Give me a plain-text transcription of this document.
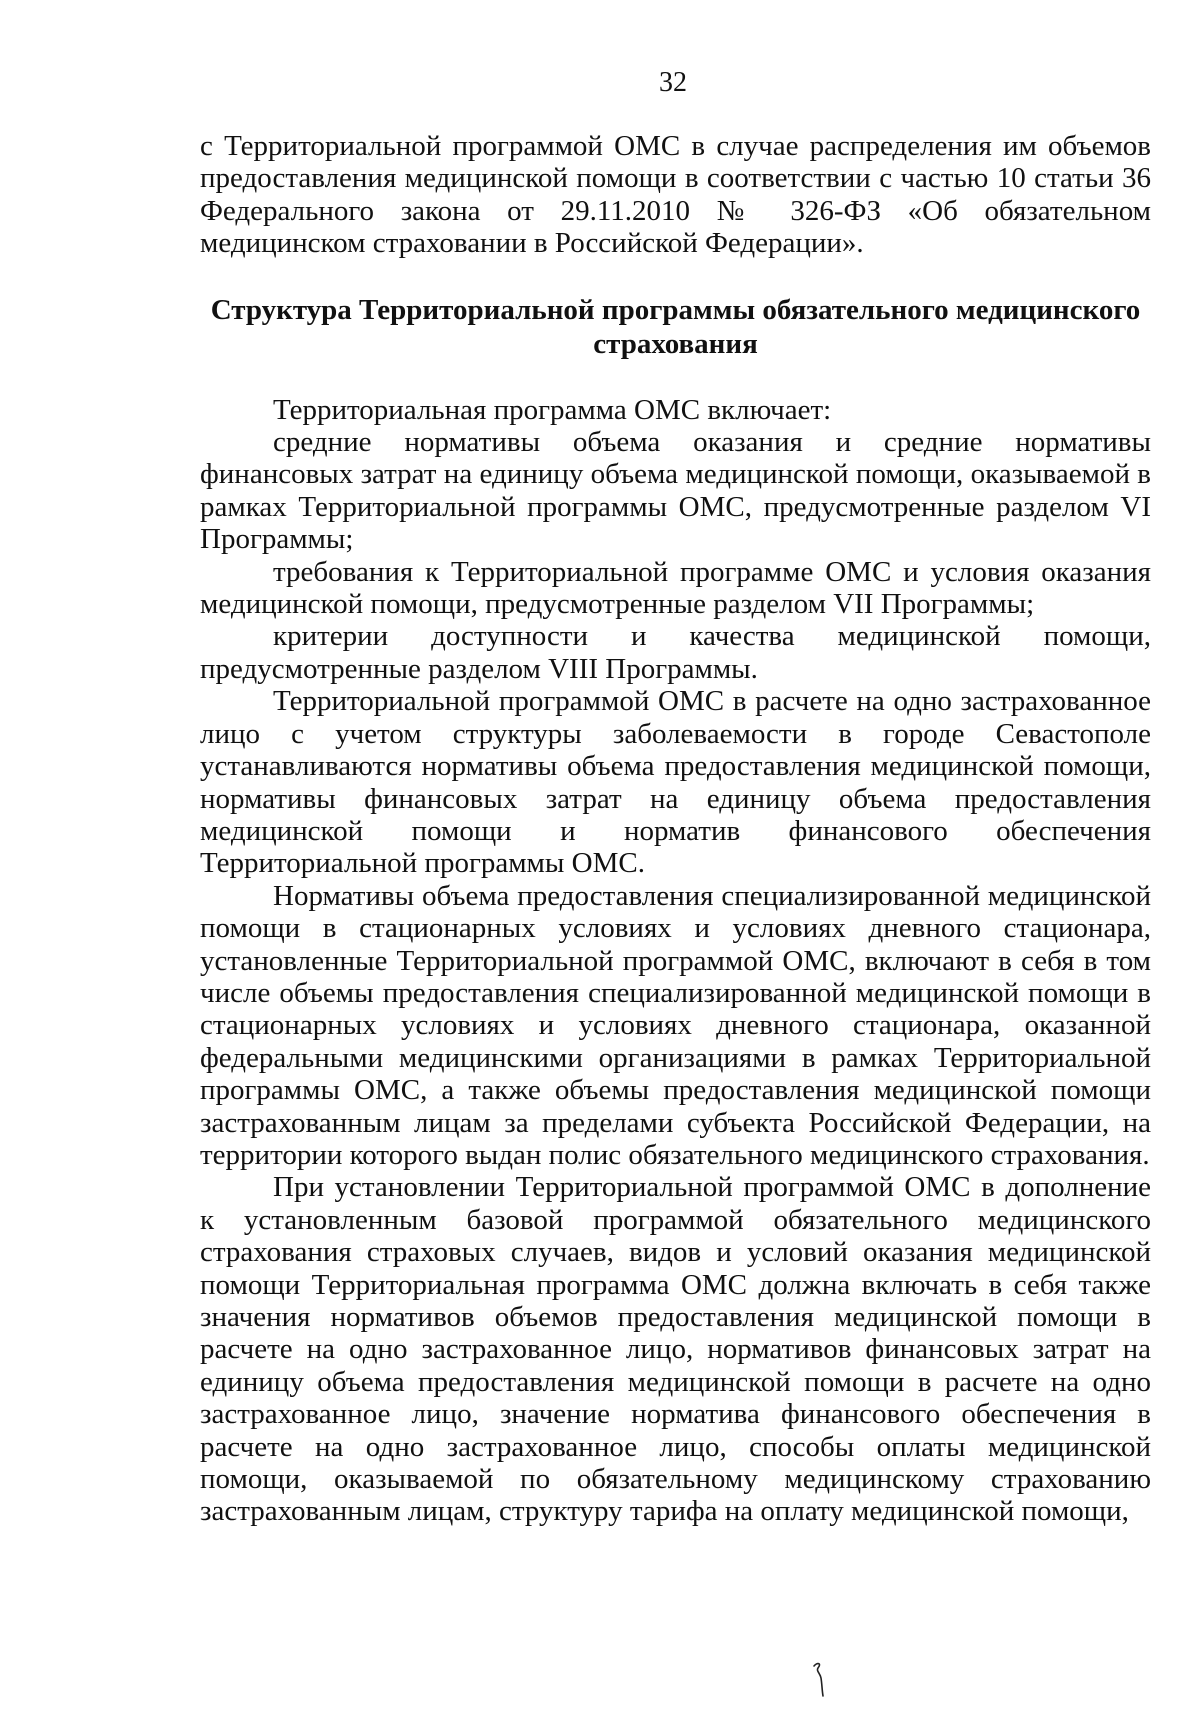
32

с Территориальной программой ОМС в случае распределения им объемов предоставления медицинской помощи в соответствии с частью 10 статьи 36 Федерального закона от 29.11.2010 № 326-ФЗ «Об обязательном медицинском страховании в Российской Федерации».

Структура Территориальной программы обязательного медицинского страхования

Территориальная программа ОМС включает:

средние нормативы объема оказания и средние нормативы финансовых затрат на единицу объема медицинской помощи, оказываемой в рамках Территориальной программы ОМС, предусмотренные разделом VI Программы;

требования к Территориальной программе ОМС и условия оказания медицинской помощи, предусмотренные разделом VII Программы;

критерии доступности и качества медицинской помощи, предусмотренные разделом VIII Программы.

Территориальной программой ОМС в расчете на одно застрахованное лицо с учетом структуры заболеваемости в городе Севастополе устанавливаются нормативы объема предоставления медицинской помощи, нормативы финансовых затрат на единицу объема предоставления медицинской помощи и норматив финансового обеспечения Территориальной программы ОМС.

Нормативы объема предоставления специализированной медицинской помощи в стационарных условиях и условиях дневного стационара, установленные Территориальной программой ОМС, включают в себя в том числе объемы предоставления специализированной медицинской помощи в стационарных условиях и условиях дневного стационара, оказанной федеральными медицинскими организациями в рамках Территориальной программы ОМС, а также объемы предоставления медицинской помощи застрахованным лицам за пределами субъекта Российской Федерации, на территории которого выдан полис обязательного медицинского страхования.

При установлении Территориальной программой ОМС в дополнение к установленным базовой программой обязательного медицинского страхования страховых случаев, видов и условий оказания медицинской помощи Территориальная программа ОМС должна включать в себя также значения нормативов объемов предоставления медицинской помощи в расчете на одно застрахованное лицо, нормативов финансовых затрат на единицу объема предоставления медицинской помощи в расчете на одно застрахованное лицо, значение норматива финансового обеспечения в расчете на одно застрахованное лицо, способы оплаты медицинской помощи, оказываемой по обязательному медицинскому страхованию застрахованным лицам, структуру тарифа на оплату медицинской помощи,
